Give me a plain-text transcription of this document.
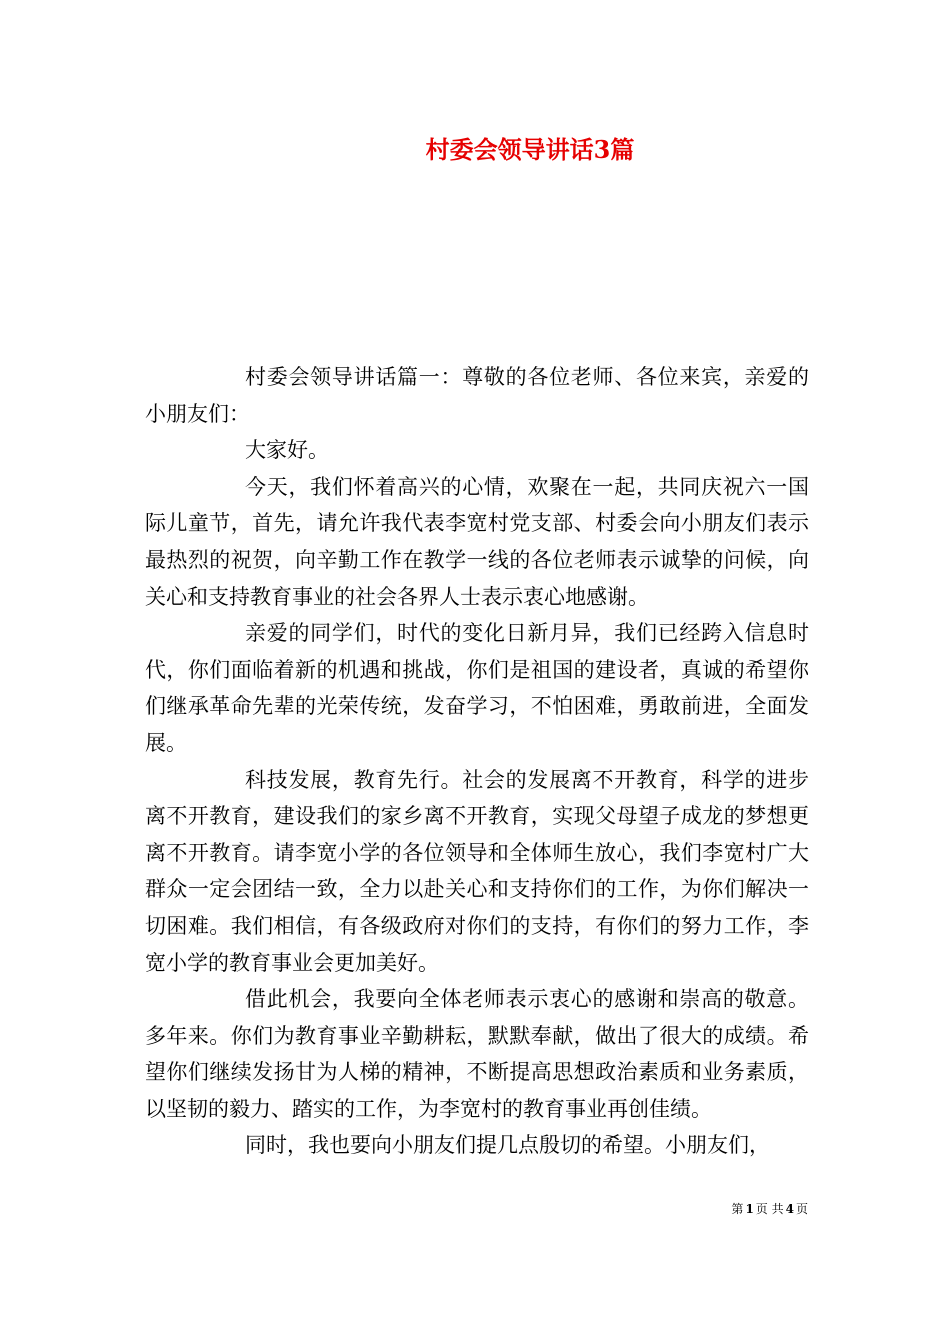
村委会领导讲话3篇

村委会领导讲话篇一：尊敬的各位老师、各位来宾，亲爱的小朋友们：

大家好。

今天，我们怀着高兴的心情，欢聚在一起，共同庆祝六一国际儿童节，首先，请允许我代表李宽村党支部、村委会向小朋友们表示最热烈的祝贺，向辛勤工作在教学一线的各位老师表示诚挚的问候，向关心和支持教育事业的社会各界人士表示衷心地感谢。

亲爱的同学们，时代的变化日新月异，我们已经跨入信息时代，你们面临着新的机遇和挑战，你们是祖国的建设者，真诚的希望你们继承革命先辈的光荣传统，发奋学习，不怕困难，勇敢前进，全面发展。

科技发展，教育先行。社会的发展离不开教育，科学的进步离不开教育，建设我们的家乡离不开教育，实现父母望子成龙的梦想更离不开教育。请李宽小学的各位领导和全体师生放心，我们李宽村广大群众一定会团结一致，全力以赴关心和支持你们的工作，为你们解决一切困难。我们相信，有各级政府对你们的支持，有你们的努力工作，李宽小学的教育事业会更加美好。

借此机会，我要向全体老师表示衷心的感谢和崇高的敬意。多年来。你们为教育事业辛勤耕耘，默默奉献，做出了很大的成绩。希望你们继续发扬甘为人梯的精神，不断提高思想政治素质和业务素质，以坚韧的毅力、踏实的工作，为李宽村的教育事业再创佳绩。

同时，我也要向小朋友们提几点殷切的希望。小朋友们，

第 1 页 共 4 页
